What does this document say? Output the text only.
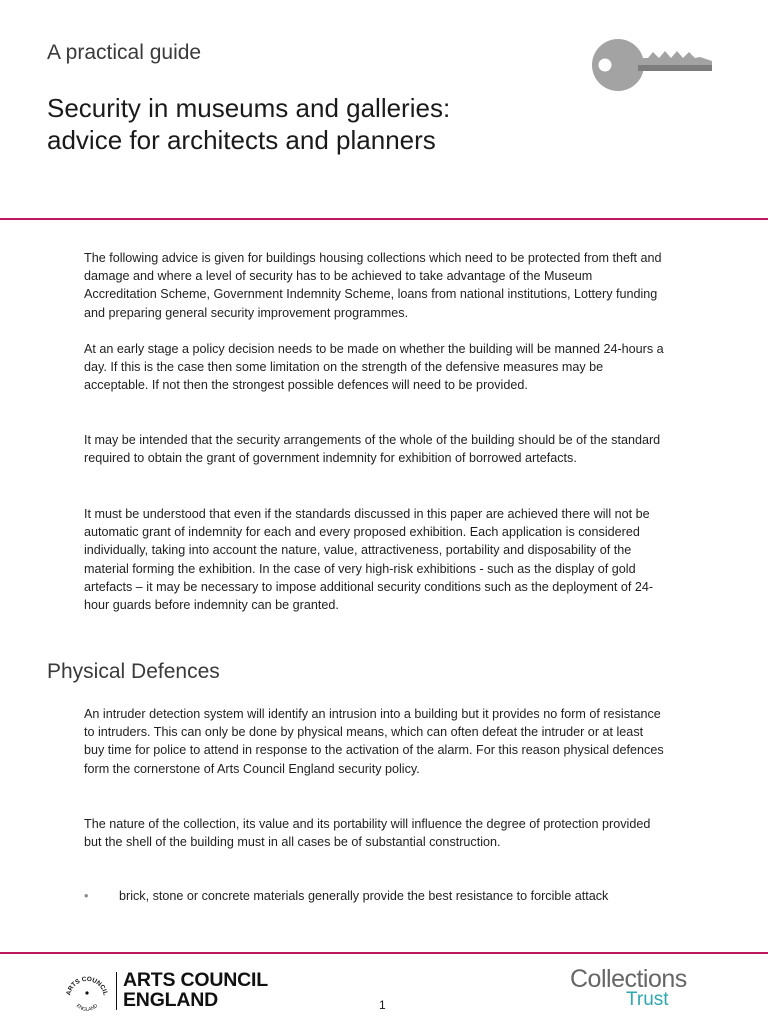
A practical guide
Security in museums and galleries:
advice for architects and planners

The following advice is given for buildings housing collections which need to be protected from theft and damage and where a level of security has to be achieved to take advantage of the Museum Accreditation Scheme, Government Indemnity Scheme, loans from national institutions, Lottery funding and preparing general security improvement programmes.

At an early stage a policy decision needs to be made on whether the building will be manned 24-hours a day. If this is the case then some limitation on the strength of the defensive measures may be acceptable. If not then the strongest possible defences will need to be provided.

It may be intended that the security arrangements of the whole of the building should be of the standard required to obtain the grant of government indemnity for exhibition of borrowed artefacts.

It must be understood that even if the standards discussed in this paper are achieved there will not be automatic grant of indemnity for each and every proposed exhibition. Each application is considered individually, taking into account the nature, value, attractiveness, portability and disposability of the material forming the exhibition. In the case of very high-risk exhibitions - such as the display of gold artefacts – it may be necessary to impose additional security conditions such as the deployment of 24-hour guards before indemnity can be granted.

Physical Defences

An intruder detection system will identify an intrusion into a building but it provides no form of resistance to intruders. This can only be done by physical means, which can often defeat the intruder or at least buy time for police to attend in response to the activation of the alarm. For this reason physical defences form the cornerstone of Arts Council England security policy.

The nature of the collection, its value and its portability will influence the degree of protection provided but the shell of the building must in all cases be of substantial construction.

• brick, stone or concrete materials generally provide the best resistance to forcible attack
ARTS COUNCIL
ENGLAND
ARTS COUNCIL
ENGLAND	1
Collections
Trust
